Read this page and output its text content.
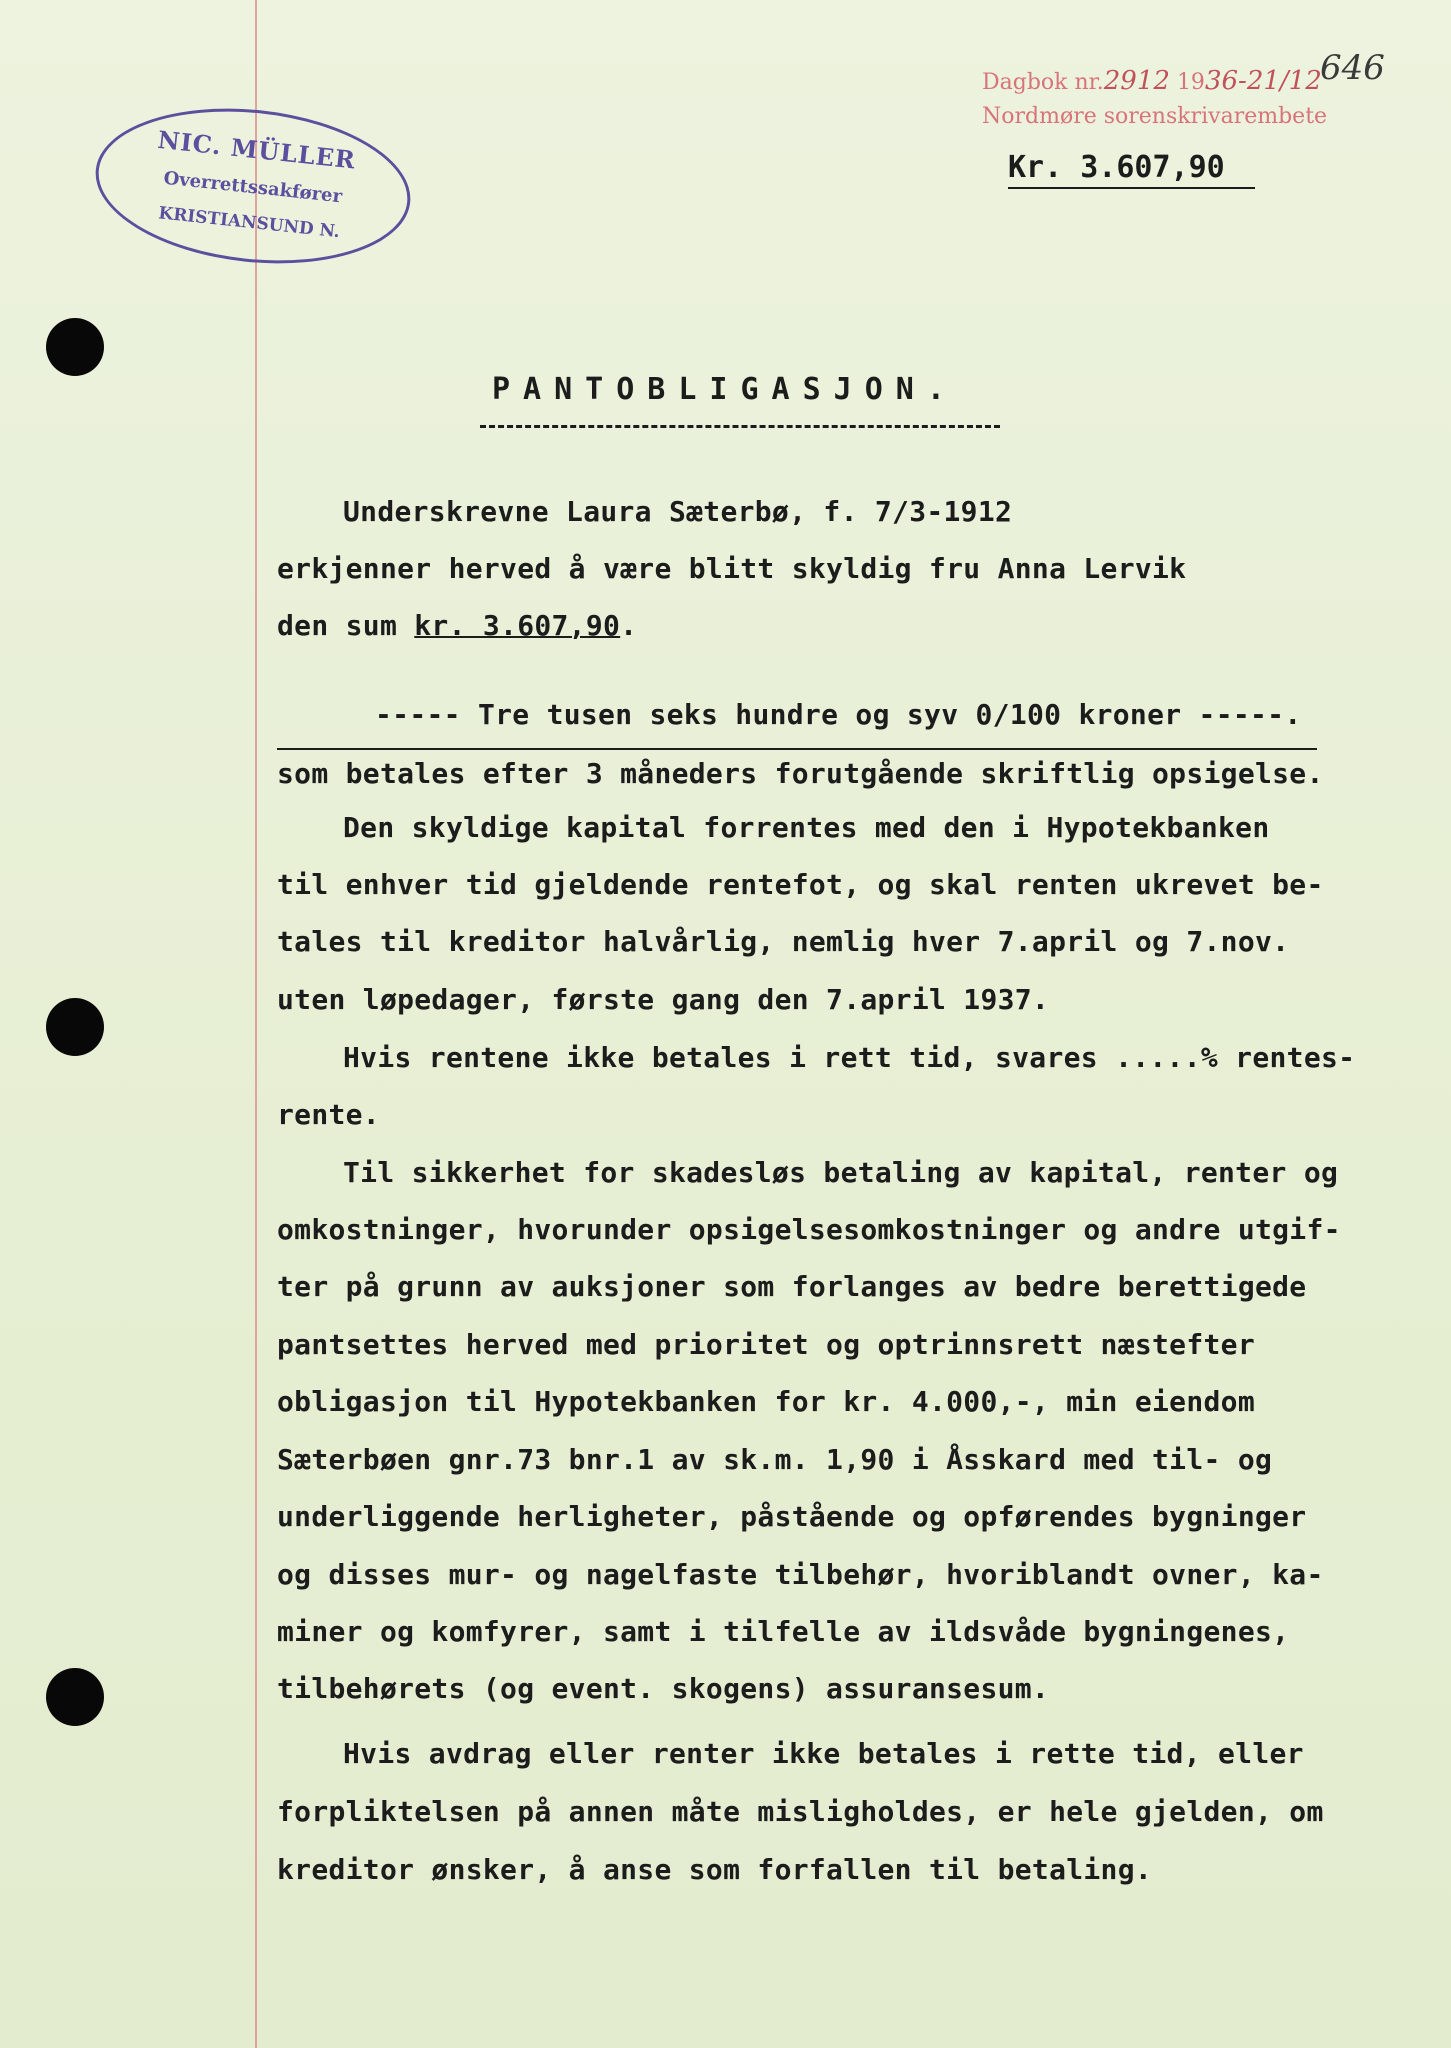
NIC. MÜLLER
Overrettssakfører
KRISTIANSUND N.
Dagbok nr.2912 1936-21/12
Nordmøre sorenskrivarembete
646
Kr. 3.607,90
PANTOBLIGASJON.
Underskrevne Laura Sæterbø, f. 7/3-1912
erkjenner herved å være blitt skyldig fru Anna Lervik
den sum kr. 3.607,90.
----- Tre tusen seks hundre og syv 0/100 kroner -----.
som betales efter 3 måneders forutgående skriftlig opsigelse.
Den skyldige kapital forrentes med den i Hypotekbanken
til enhver tid gjeldende rentefot, og skal renten ukrevet be-
tales til kreditor halvårlig, nemlig hver 7.april og 7.nov.
uten løpedager, første gang den 7.april 1937.
Hvis rentene ikke betales i rett tid, svares .....% rentes-
rente.
Til sikkerhet for skadesløs betaling av kapital, renter og
omkostninger, hvorunder opsigelsesomkostninger og andre utgif-
ter på grunn av auksjoner som forlanges av bedre berettigede
pantsettes herved med prioritet og optrinnsrett næstefter
obligasjon til Hypotekbanken for kr. 4.000,-, min eiendom
Sæterbøen gnr.73 bnr.1 av sk.m. 1,90 i Åsskard med til- og
underliggende herligheter, påstående og opførendes bygninger
og disses mur- og nagelfaste tilbehør, hvoriblandt ovner, ka-
miner og komfyrer, samt i tilfelle av ildsvåde bygningenes,
tilbehørets (og event. skogens) assuransesum.
Hvis avdrag eller renter ikke betales i rette tid, eller
forpliktelsen på annen måte misligholdes, er hele gjelden, om
kreditor ønsker, å anse som forfallen til betaling.
